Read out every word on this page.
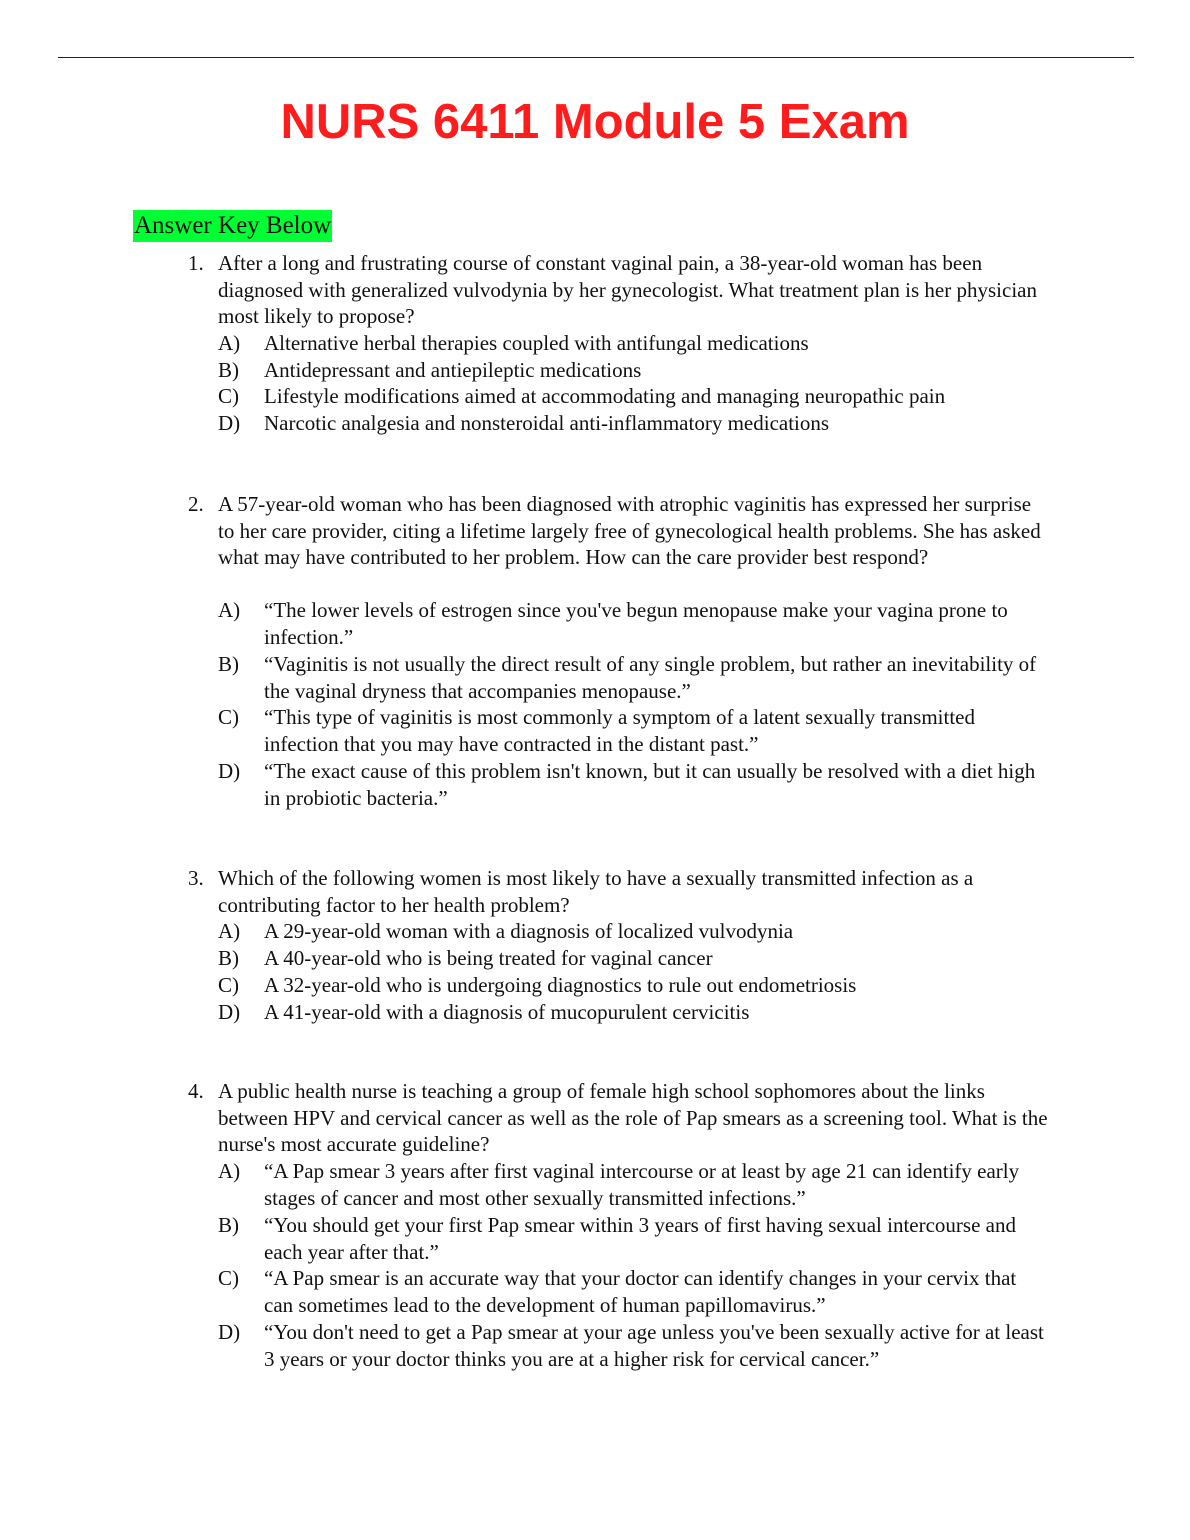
NURS 6411 Module 5 Exam
Answer Key Below
1. After a long and frustrating course of constant vaginal pain, a 38-year-old woman has been diagnosed with generalized vulvodynia by her gynecologist. What treatment plan is her physician most likely to propose?
A) Alternative herbal therapies coupled with antifungal medications
B) Antidepressant and antiepileptic medications
C) Lifestyle modifications aimed at accommodating and managing neuropathic pain
D) Narcotic analgesia and nonsteroidal anti-inflammatory medications
2. A 57-year-old woman who has been diagnosed with atrophic vaginitis has expressed her surprise to her care provider, citing a lifetime largely free of gynecological health problems. She has asked what may have contributed to her problem. How can the care provider best respond?
A) “The lower levels of estrogen since you've begun menopause make your vagina prone to infection.”
B) “Vaginitis is not usually the direct result of any single problem, but rather an inevitability of the vaginal dryness that accompanies menopause.”
C) “This type of vaginitis is most commonly a symptom of a latent sexually transmitted infection that you may have contracted in the distant past.”
D) “The exact cause of this problem isn't known, but it can usually be resolved with a diet high in probiotic bacteria.”
3. Which of the following women is most likely to have a sexually transmitted infection as a contributing factor to her health problem?
A) A 29-year-old woman with a diagnosis of localized vulvodynia
B) A 40-year-old who is being treated for vaginal cancer
C) A 32-year-old who is undergoing diagnostics to rule out endometriosis
D) A 41-year-old with a diagnosis of mucopurulent cervicitis
4. A public health nurse is teaching a group of female high school sophomores about the links between HPV and cervical cancer as well as the role of Pap smears as a screening tool. What is the nurse's most accurate guideline?
A) “A Pap smear 3 years after first vaginal intercourse or at least by age 21 can identify early stages of cancer and most other sexually transmitted infections.”
B) “You should get your first Pap smear within 3 years of first having sexual intercourse and each year after that.”
C) “A Pap smear is an accurate way that your doctor can identify changes in your cervix that can sometimes lead to the development of human papillomavirus.”
D) “You don't need to get a Pap smear at your age unless you've been sexually active for at least 3 years or your doctor thinks you are at a higher risk for cervical cancer.”
